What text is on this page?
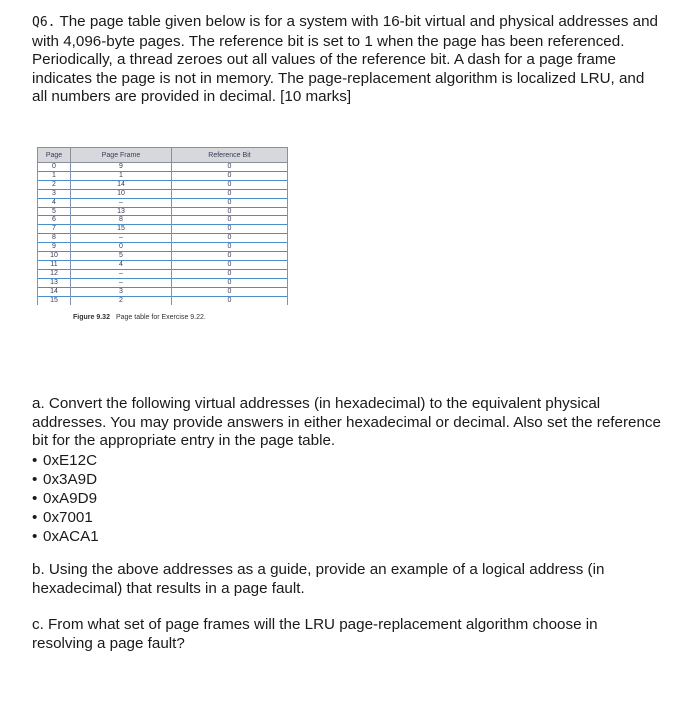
Q6. The page table given below is for a system with 16-bit virtual and physical addresses and with 4,096-byte pages. The reference bit is set to 1 when the page has been referenced. Periodically, a thread zeroes out all values of the reference bit. A dash for a page frame indicates the page is not in memory. The page-replacement algorithm is localized LRU, and all numbers are provided in decimal. [10 marks]
Page	Page Frame	Reference Bit
0	9	0
1	1	0
2	14	0
3	10	0
4	–	0
5	13	0
6	8	0
7	15	0
8	–	0
9	0	0
10	5	0
11	4	0
12	–	0
13	–	0
14	3	0
15	2	0
Figure 9.32 Page table for Exercise 9.22.
a. Convert the following virtual addresses (in hexadecimal) to the equivalent physical addresses. You may provide answers in either hexadecimal or decimal. Also set the reference bit for the appropriate entry in the page table.
• 0xE12C
• 0x3A9D
• 0xA9D9
• 0x7001
• 0xACA1
b. Using the above addresses as a guide, provide an example of a logical address (in hexadecimal) that results in a page fault.
c. From what set of page frames will the LRU page-replacement algorithm choose in resolving a page fault?
